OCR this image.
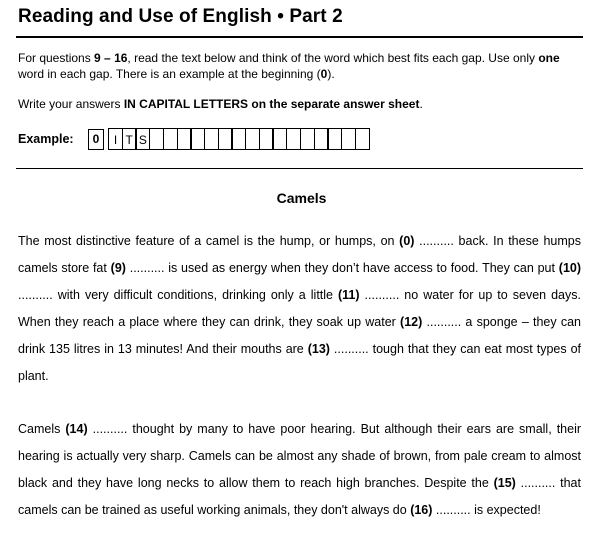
Reading and Use of English • Part 2

For questions 9 – 16, read the text below and think of the word which best fits each gap. Use only one word in each gap. There is an example at the beginning (0).

Write your answers IN CAPITAL LETTERS on the separate answer sheet.

Example:	0	I T S
Camels

The most distinctive feature of a camel is the hump, or humps, on (0) .......... back. In these humps camels store fat (9) .......... is used as energy when they don’t have access to food. They can put (10) .......... with very difficult conditions, drinking only a little (11) .......... no water for up to seven days. When they reach a place where they can drink, they soak up water (12) .......... a sponge – they can drink 135 litres in 13 minutes! And their mouths are (13) .......... tough that they can eat most types of plant.

Camels (14) .......... thought by many to have poor hearing. But although their ears are small, their hearing is actually very sharp. Camels can be almost any shade of brown, from pale cream to almost black and they have long necks to allow them to reach high branches. Despite the (15) .......... that camels can be trained as useful working animals, they don't always do (16) .......... is expected!
